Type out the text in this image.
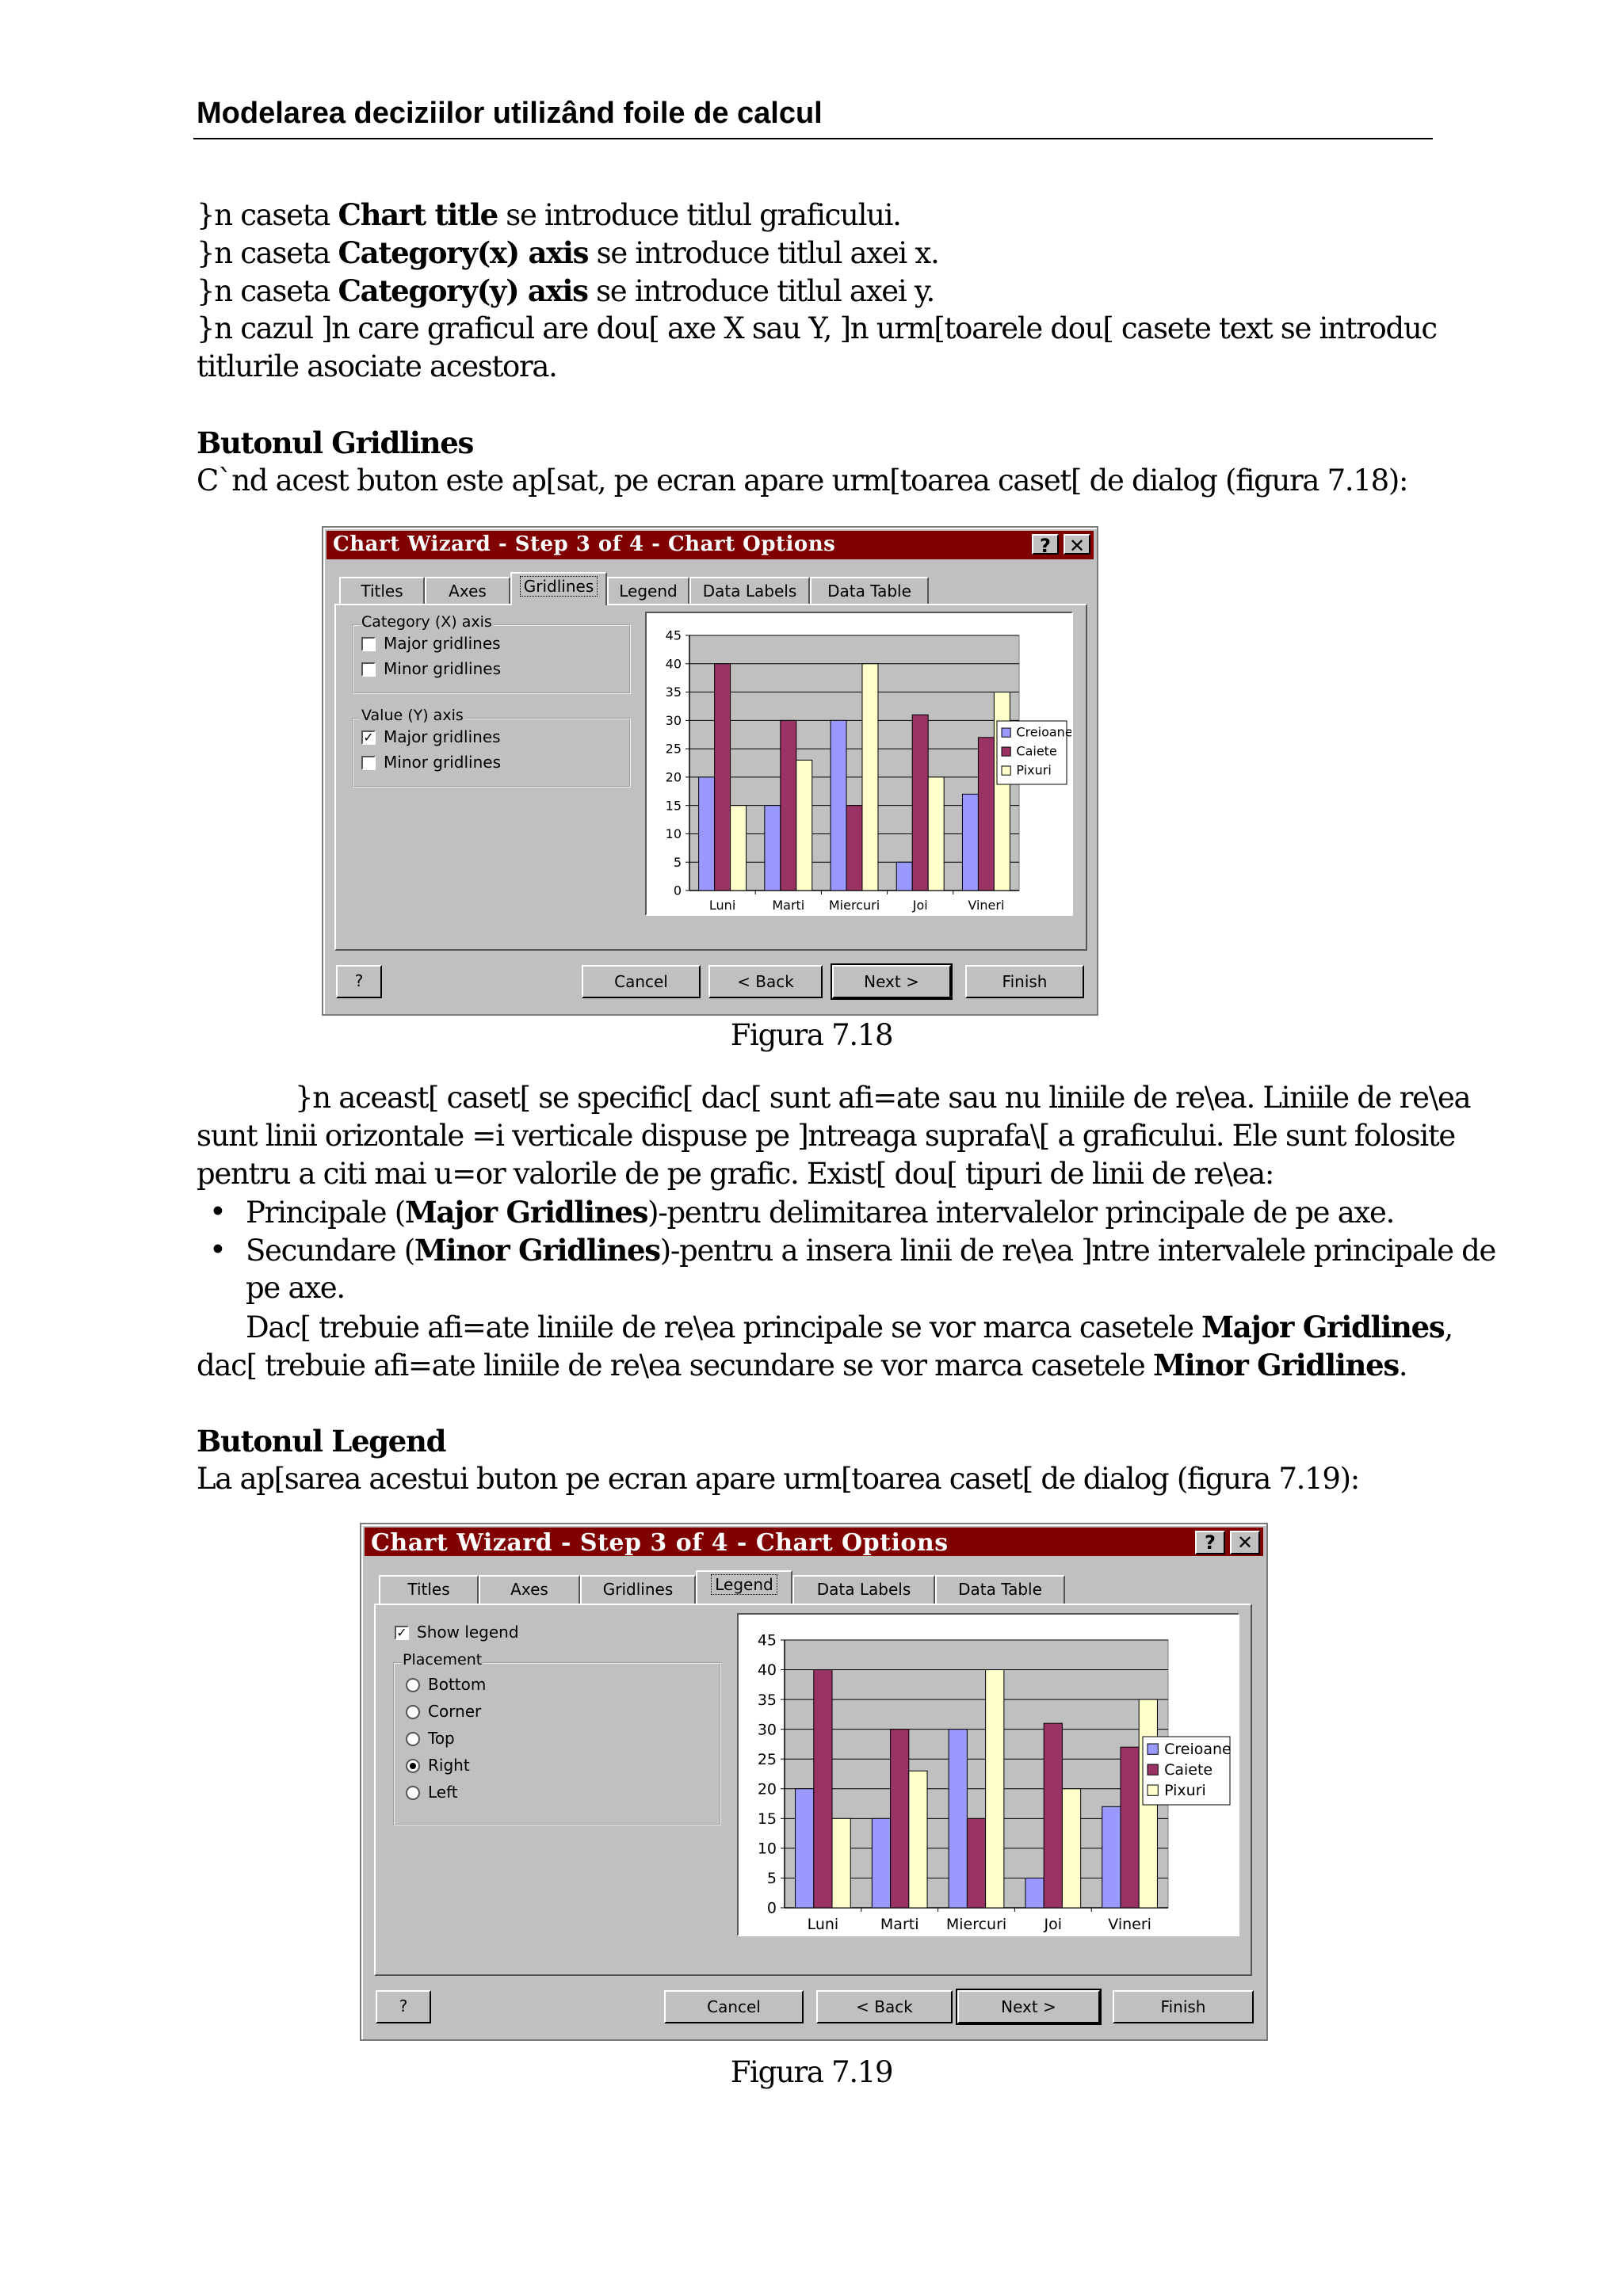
Modelarea deciziilor utilizând foile de calcul
}n caseta Chart title se introduce titlul graficului.
}n caseta Category(x) axis se introduce titlul axei x.
}n caseta Category(y) axis se introduce titlul axei y.
}n cazul ]n care graficul are dou[ axe X sau Y, ]n urm[toarele dou[ casete text se introduc
titlurile asociate acestora.
Butonul Gridlines
C`nd acest buton este ap[sat, pe ecran apare urm[toarea caset[ de dialog (figura 7.18):
Chart Wizard - Step 3 of 4 - Chart Options	? ✕
Titles	Axes	Gridlines	Legend	Data Labels	Data Table
Category (X) axis
Major gridlines
Minor gridlines
Value (Y) axis
✓ Major gridlines
Minor gridlines
0
5
10
15
20
25
30
35
40
45
Luni	Marti Miercuri	Joi	Vineri
Creioane
Caiete
Pixuri
?	Cancel	< Back	Next >	Finish
Figura 7.18
}n aceast[ caset[ se specific[ dac[ sunt afi=ate sau nu liniile de re\ea. Liniile de re\ea
sunt linii orizontale =i verticale dispuse pe ]ntreaga suprafa\[ a graficului. Ele sunt folosite
pentru a citi mai u=or valorile de pe grafic. Exist[ dou[ tipuri de linii de re\ea:
• Principale (Major Gridlines)-pentru delimitarea intervalelor principale de pe axe.
• Secundare (Minor Gridlines)-pentru a insera linii de re\ea ]ntre intervalele principale de
pe axe.
Dac[ trebuie afi=ate liniile de re\ea principale se vor marca casetele Major Gridlines,
dac[ trebuie afi=ate liniile de re\ea secundare se vor marca casetele Minor Gridlines.
Butonul Legend
La ap[sarea acestui buton pe ecran apare urm[toarea caset[ de dialog (figura 7.19):
Chart Wizard - Step 3 of 4 - Chart Options	?	✕
Titles	Axes	Gridlines	Legend	Data Labels	Data Table
✓ Show legend
Placement
Bottom
Corner
Top
Right
Left
0
5
10
15
20
25
30
35
40
45
Luni	Marti Miercuri Joi	Vineri
Creioane
Caiete
Pixuri
?	Cancel	< Back	Next >	Finish
Figura 7.19
